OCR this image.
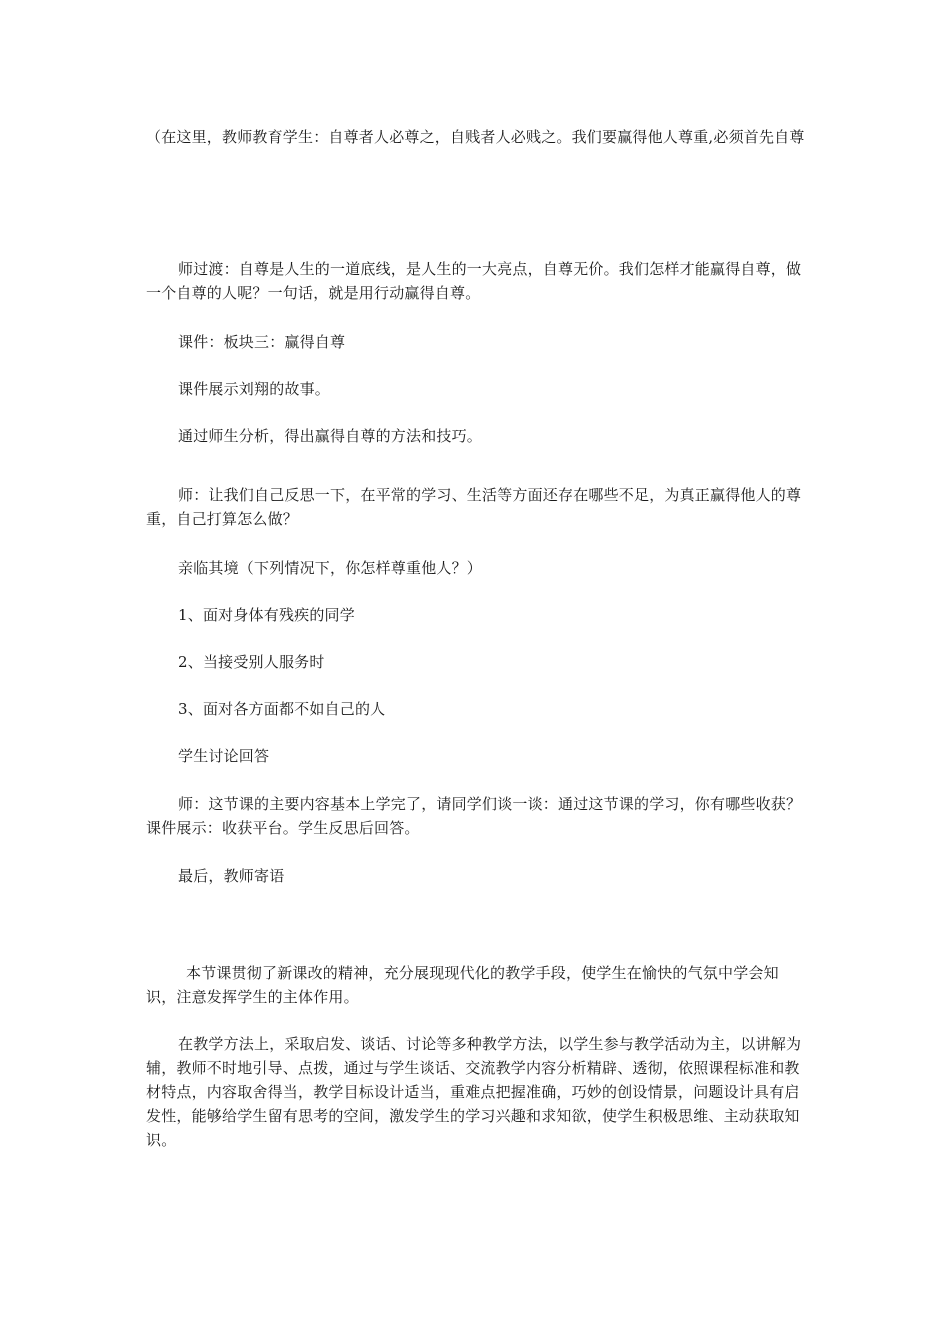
（在这里，教师教育学生：自尊者人必尊之，自贱者人必贱之。我们要赢得他人尊重,必须首先自尊

师过渡：自尊是人生的一道底线，是人生的一大亮点，自尊无价。我们怎样才能赢得自尊，做一个自尊的人呢？一句话，就是用行动赢得自尊。

课件：板块三：赢得自尊

课件展示刘翔的故事。

通过师生分析，得出赢得自尊的方法和技巧。

师：让我们自己反思一下，在平常的学习、生活等方面还存在哪些不足，为真正赢得他人的尊重，自己打算怎么做？

亲临其境（下列情况下，你怎样尊重他人？）

1、面对身体有残疾的同学

2、当接受别人服务时

3、面对各方面都不如自己的人

学生讨论回答

师：这节课的主要内容基本上学完了，请同学们谈一谈：通过这节课的学习，你有哪些收获？课件展示：收获平台。学生反思后回答。

最后，教师寄语

本节课贯彻了新课改的精神，充分展现现代化的教学手段，使学生在愉快的气氛中学会知识，注意发挥学生的主体作用。

在教学方法上，采取启发、谈话、讨论等多种教学方法，以学生参与教学活动为主，以讲解为辅，教师不时地引导、点拨，通过与学生谈话、交流教学内容分析精辟、透彻，依照课程标准和教材特点，内容取舍得当，教学目标设计适当，重难点把握准确，巧妙的创设情景，问题设计具有启发性，能够给学生留有思考的空间，激发学生的学习兴趣和求知欲，使学生积极思维、主动获取知识。
